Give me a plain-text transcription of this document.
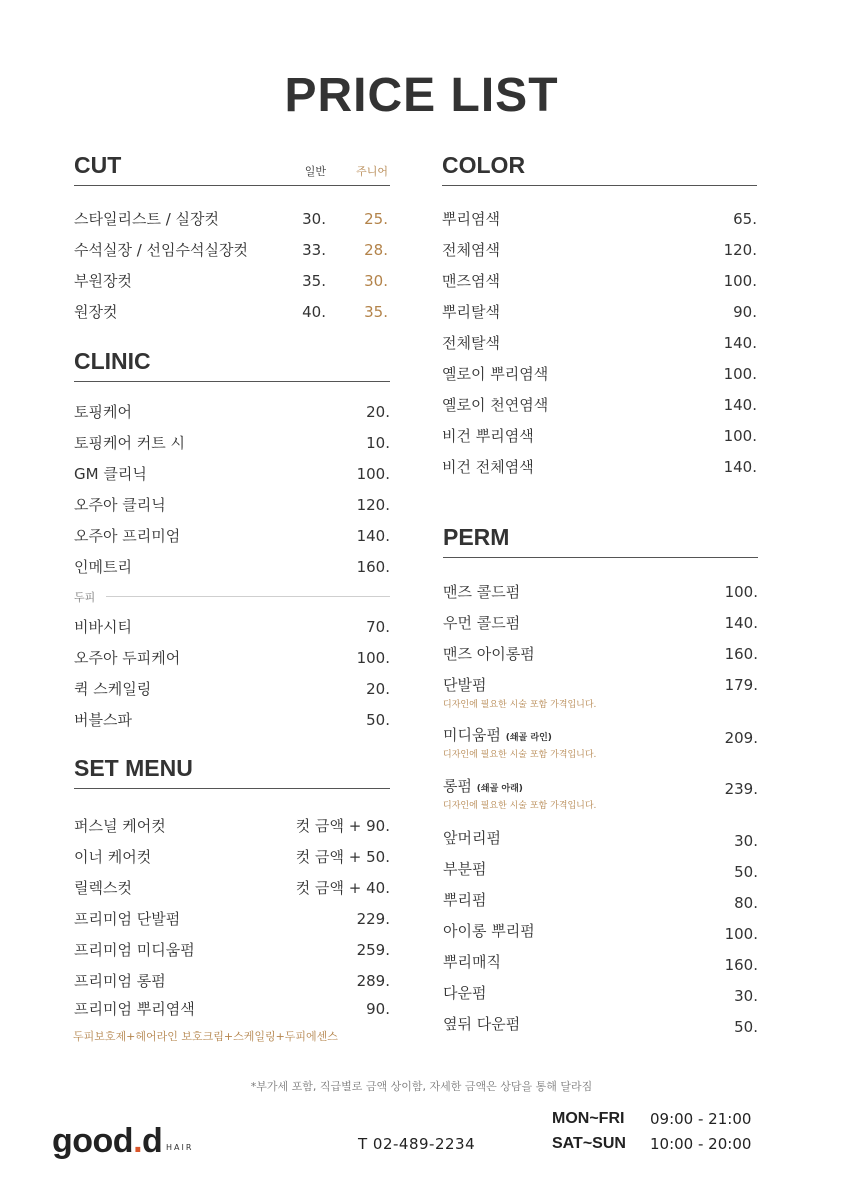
PRICE LIST
CUT	일반	주니어
스타일리스트 / 실장컷	30.	25.
수석실장 / 선임수석실장컷	33.	28.
부원장컷	35.	30.
원장컷	40.	35.
CLINIC
토핑케어	20.
토핑케어 커트 시	10.
GM 클리닉	100.
오주아 클리닉	120.
오주아 프리미엄	140.
인메트리	160.
두피
비바시티	70.
오주아 두피케어	100.
퀵 스케일링	20.
버블스파	50.
SET MENU
퍼스널 케어컷	컷 금액 + 90.
이너 케어컷	컷 금액 + 50.
릴렉스컷	컷 금액 + 40.
프리미엄 단발펌	229.
프리미엄 미디움펌	259.
프리미엄 롱펌	289.
프리미엄 뿌리염색	90.
두피보호제+헤어라인 보호크림+스케일링+두피에센스
COLOR
뿌리염색	65.
전체염색	120.
맨즈염색	100.
뿌리탈색	90.
전체탈색	140.
옐로이 뿌리염색	100.
옐로이 천연염색	140.
비건 뿌리염색	100.
비건 전체염색	140.
PERM
맨즈 콜드펌	100.
우먼 콜드펌	140.
맨즈 아이롱펌	160.
단발펌	179.
디자인에 필요한 시술 포함 가격입니다.
미디움펌 (쇄골 라인)	209.
디자인에 필요한 시술 포함 가격입니다.
롱펌 (쇄골 아래)	239.
디자인에 필요한 시술 포함 가격입니다.
앞머리펌	30.
부분펌	50.
뿌리펌	80.
아이롱 뿌리펌	100.
뿌리매직	160.
다운펌	30.
옆뒤 다운펌	50.
*부가세 포함, 직급별로 금액 상이함, 자세한 금액은 상담을 통해 달라짐
good.d HAIR	T 02-489-2234
MON~FRI 09:00 - 21:00
SAT~SUN 10:00 - 20:00
